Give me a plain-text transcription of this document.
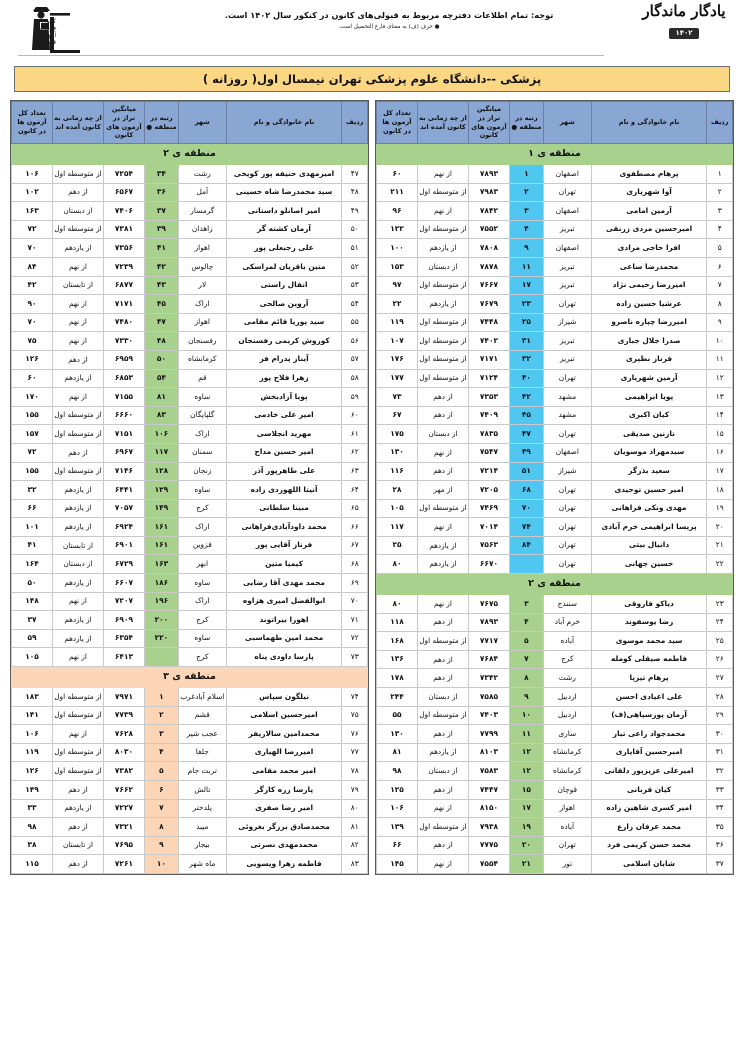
کانون
فرهنگی
آموزش
قلم‌چی
توجه: تمام اطلاعات دفترچه مربوط به قبولی‌های کانون در کنکور سال ۱۴۰۲ است.
● حرف (ف) به معنای فارغ التحصیل است.
یادگار ماندگار
۱۴۰۲
پزشکی --دانشگاه علوم پزشکی تهران نیمسال اول( روزانه )
ردیف	نام خانوادگی و نام	شهر	رتبه در منطقه ●	میانگین تراز در آزمون های کانون	از چه زمانی به کانون آمده اند	تعداد کل آزمون ها در کانون
منطقه ی ۱						
۱	پرهام مصطفوی	اصفهان	۱	۷۸۹۳	از نهم	۶۰
۲	آوا شهریاری	تهران	۲	۷۹۸۳	از متوسطه اول	۲۱۱
۳	آرمین امامی	اصفهان	۳	۷۸۴۲	از نهم	۹۶
۴	امیرحسین مردی زرنقی	تبریز	۴	۷۵۵۲	از متوسطه اول	۱۲۲
۵	افرا حاجی مرادی	اصفهان	۹	۷۸۰۸	از یازدهم	۱۰۰
۶	محمدرضا ساعی	تبریز	۱۱	۷۸۷۸	از دبستان	۱۵۳
۷	امیررضا رحیمی نژاد	تبریز	۱۷	۷۶۶۷	از متوسطه اول	۹۷
۸	عرشیا حسین زاده	تهران	۲۳	۷۶۷۹	از یازدهم	۲۲
۹	امیررضا چپاره ناصرو	شیراز	۲۵	۷۴۴۸	از متوسطه اول	۱۱۹
۱۰	صدرا جلال جباری	تبریز	۳۱	۷۴۰۲	از متوسطه اول	۱۰۷
۱۱	فرناز نظیری	تبریز	۳۲	۷۱۷۱	از متوسطه اول	۱۷۶
۱۲	آرمین شهریاری	تهران	۴۰	۷۱۲۴	از متوسطه اول	۱۷۷
۱۳	پویا ابراهیمی	مشهد	۴۲	۷۳۵۳	از دهم	۷۳
۱۴	کیان اکبری	مشهد	۴۵	۷۴۰۹	از دهم	۶۷
۱۵	نازنین صدیقی	تهران	۴۷	۷۸۳۵	از دبستان	۱۷۵
۱۶	سیدمهراد موسویان	اصفهان	۴۹	۷۵۴۷	از نهم	۱۳۰
۱۷	سعید بذرگر	شیراز	۵۱	۷۲۱۴	از دهم	۱۱۶
۱۸	امیر حسین توحیدی	تهران	۶۸	۷۲۰۵	از مهر	۲۸
۱۹	مهدی ونکی فراهانی	تهران	۷۰	۷۴۶۹	از متوسطه اول	۱۰۵
۲۰	پریسا ابراهیمی خرم آبادی	تهران	۷۴	۷۰۱۴	از نهم	۱۱۷
۲۱	دانیال بیتی	تهران	۸۴	۷۵۶۳	از یازدهم	۲۵
۲۲	حسین جهانی	تهران		۶۶۷۰	از یازدهم	۸۰
منطقه ی ۲						
۲۳	دیاکو فاروقی	سنندج	۳	۷۶۷۵	از نهم	۸۰
۲۴	رضا یوسفوند	خرم آباد	۴	۷۸۹۳	از دهم	۱۱۸
۲۵	سید محمد موسوی	آباده	۵	۷۷۱۷	از متوسطه اول	۱۶۸
۲۶	فاطمه صیقلی کومله	کرج	۷	۷۶۸۴	از دهم	۱۳۶
۲۷	پرهام تیزپا	رشت	۸	۷۳۴۲	از دهم	۱۷۸
۲۸	علی اعیادی احسن	اردبیل	۹	۷۵۸۵	از دبستان	۲۴۴
۲۹	آرمان پورسپاهی(ف)	اردبیل	۱۰	۷۴۰۳	از متوسطه اول	۵۵
۳۰	محمدجواد راعی تبار	ساری	۱۱	۷۷۹۹	از دهم	۱۳۰
۳۱	امیرحسین آقایاری	کرمانشاه	۱۲	۸۱۰۳	از یازدهم	۸۱
۳۲	امیرعلی عزیزپور دلقانی	کرمانشاه	۱۲	۷۵۸۳	از دبستان	۹۸
۳۳	کیان قربانی	قوچان	۱۵	۷۴۴۷	از دهم	۱۲۵
۳۴	امیر کسری شاهین زاده	اهواز	۱۷	۸۱۵۰	از نهم	۱۰۶
۳۵	محمد عرفان زارع	آباده	۱۹	۷۹۳۸	از متوسطه اول	۱۳۹
۳۶	محمد حسن کریمی فرد	تهران	۲۰	۷۷۷۵	از دهم	۶۶
۳۷	شایان اسلامی	تور	۲۱	۷۵۵۴	از نهم	۱۴۵
ردیف	نام خانوادگی و نام	شهر	رتبه در منطقه ●	میانگین تراز در آزمون های کانون	از چه زمانی به کانون آمده اند	تعداد کل آزمون ها در کانون
منطقه ی ۲						
۴۷	امیرمهدی حنیفه پور کویخی	رشت	۳۴	۷۲۵۴	از متوسطه اول	۱۰۶
۴۸	سید محمدرضا شاه حسینی	آمل	۳۶	۶۵۶۷	از دهم	۱۰۲
۴۹	امیر اصانلو داستانی	گرمسار	۳۷	۷۴۰۶	از دبستان	۱۶۳
۵۰	آرمان کشته گر	زاهدان	۳۹	۷۳۸۱	از متوسطه اول	۷۲
۵۱	علی رجبعلی پور	اهواز	۴۱	۷۳۵۶	از یازدهم	۷۰
۵۲	متین باقریان لمراسکی	چالوس	۴۲	۷۲۳۹	از نهم	۸۴
۵۳	انفال راستی	لار	۴۳	۶۸۷۷	از تابستان	۴۲
۵۴	آروین صالحی	اراک	۴۵	۷۱۷۱	از نهم	۹۰
۵۵	سید پوریا قائم مقامی	اهواز	۴۷	۷۴۸۰	از نهم	۷۰
۵۶	کوروش کریمی رفسنجان	رفسنجان	۴۸	۷۳۳۰	از نهم	۷۵
۵۷	آیناز پدرام فر	کرمانشاه	۵۰	۶۹۵۹	از دهم	۱۲۶
۵۸	زهرا فلاح پور	قم	۵۴	۶۸۵۳	از یازدهم	۶۰
۵۹	پویا آزادبخش	ساوه	۸۱	۷۱۵۵	از نهم	۱۷۰
۶۰	امیر علی خادمی	گلپایگان	۸۳	۶۶۶۰	از متوسطه اول	۱۵۵
۶۱	مهرید انجلاسی	اراک	۱۰۶	۷۱۵۱	از متوسطه اول	۱۵۷
۶۲	امیر حسین مداح	سمنان	۱۱۷	۶۹۶۷	از دهم	۷۲
۶۳	علی طاهرپور آذر	زنجان	۱۲۸	۷۱۴۶	از متوسطه اول	۱۵۵
۶۴	آنیتا اللهوردی زاده	ساوه	۱۲۹	۶۴۴۱	از یازدهم	۳۲
۶۵	مبینا سلطانی	کرج	۱۴۹	۷۰۵۷	از یازدهم	۶۶
۶۶	محمد داودآبادی‌فراهانی	اراک	۱۶۱	۶۹۲۴	از یازدهم	۱۰۱
۶۷	فرناز آقایی پور	قزوین	۱۶۱	۶۹۰۱	از تابستان	۴۱
۶۸	کیمیا متین	ابهر	۱۶۳	۶۷۲۹	از دبستان	۱۶۴
۶۹	محمد مهدی آقا رضایی	ساوه	۱۸۶	۶۶۰۷	از یازدهم	۵۰
۷۰	ابوالفضل امیری هزاوه	اراک	۱۹۶	۷۲۰۷	از نهم	۱۴۸
۷۱	اهورا بیراتوند	کرج	۲۰۰	۶۹۰۹	از یازدهم	۳۷
۷۲	محمد امین طهماسبی	ساوه	۲۲۰	۶۳۵۴	از یازدهم	۵۹
۷۳	پارسا داودی پناه	کرج		۶۴۱۳	از نهم	۱۰۵
منطقه ی ۳						
۷۴	نیلگون سپاس	اسلام آبادغرب	۱	۷۹۷۱	از متوسطه اول	۱۸۳
۷۵	امیرحسین اسلامی	قشم	۲	۷۷۳۹	از متوسطه اول	۱۴۱
۷۶	محمدامین سالاریفر	عجب شیر	۳	۷۶۲۸	از نهم	۱۰۶
۷۷	امیررضا الهیاری	جلفا	۴	۸۰۳۰	از متوسطه اول	۱۱۹
۷۸	امیر محمد مقامی	تربت جام	۵	۷۳۸۲	از متوسطه اول	۱۲۶
۷۹	پارسا زره کارگر	تالش	۶	۷۶۶۲	از دهم	۱۴۹
۸۰	امیر رضا صفری	پلدختر	۷	۷۲۲۷	از یازدهم	۳۳
۸۱	محمدصادق برزگر بغروئی	میبد	۸	۷۳۲۱	از دهم	۹۸
۸۲	محمدمهدی نصرتی	بیجار	۹	۷۶۹۵	از تابستان	۳۸
۸۳	فاطمه زهرا ویسویی	ماه شهر	۱۰	۷۲۶۱	از دهم	۱۱۵
